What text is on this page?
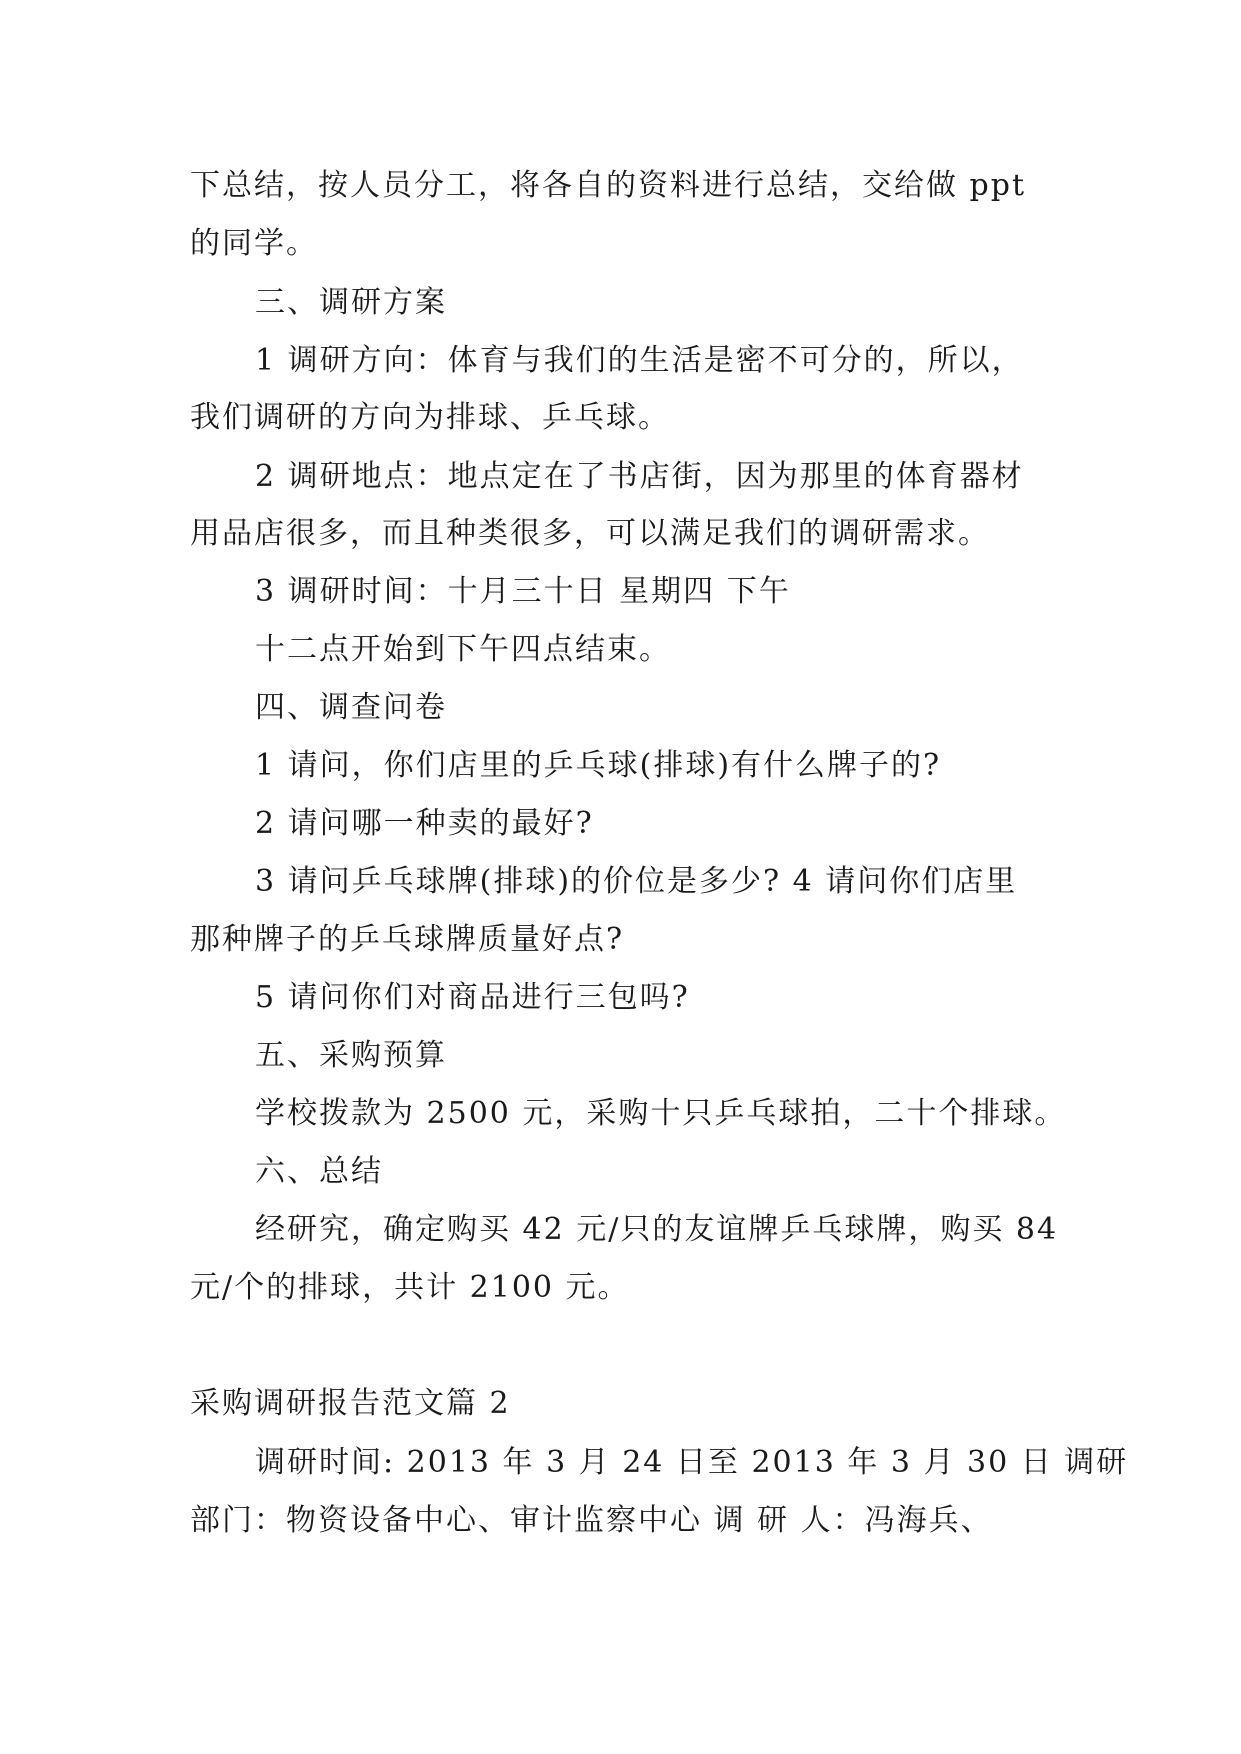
下总结，按人员分工，将各自的资料进行总结，交给做 ppt
的同学。
三、调研方案
1 调研方向：体育与我们的生活是密不可分的，所以，
我们调研的方向为排球、乒乓球。
2 调研地点：地点定在了书店街，因为那里的体育器材
用品店很多，而且种类很多，可以满足我们的调研需求。
3 调研时间：十月三十日 星期四 下午
十二点开始到下午四点结束。
四、调查问卷
1 请问，你们店里的乒乓球(排球)有什么牌子的?
2 请问哪一种卖的最好?
3 请问乒乓球牌(排球)的价位是多少? 4 请问你们店里
那种牌子的乒乓球牌质量好点?
5 请问你们对商品进行三包吗?
五、采购预算
学校拨款为 2500 元，采购十只乒乓球拍，二十个排球。
六、总结
经研究，确定购买 42 元/只的友谊牌乒乓球牌，购买 84
元/个的排球，共计 2100 元。
采购调研报告范文篇 2
调研时间: 2013 年 3 月 24 日至 2013 年 3 月 30 日 调研
部门：物资设备中心、审计监察中心 调 研 人：冯海兵、
